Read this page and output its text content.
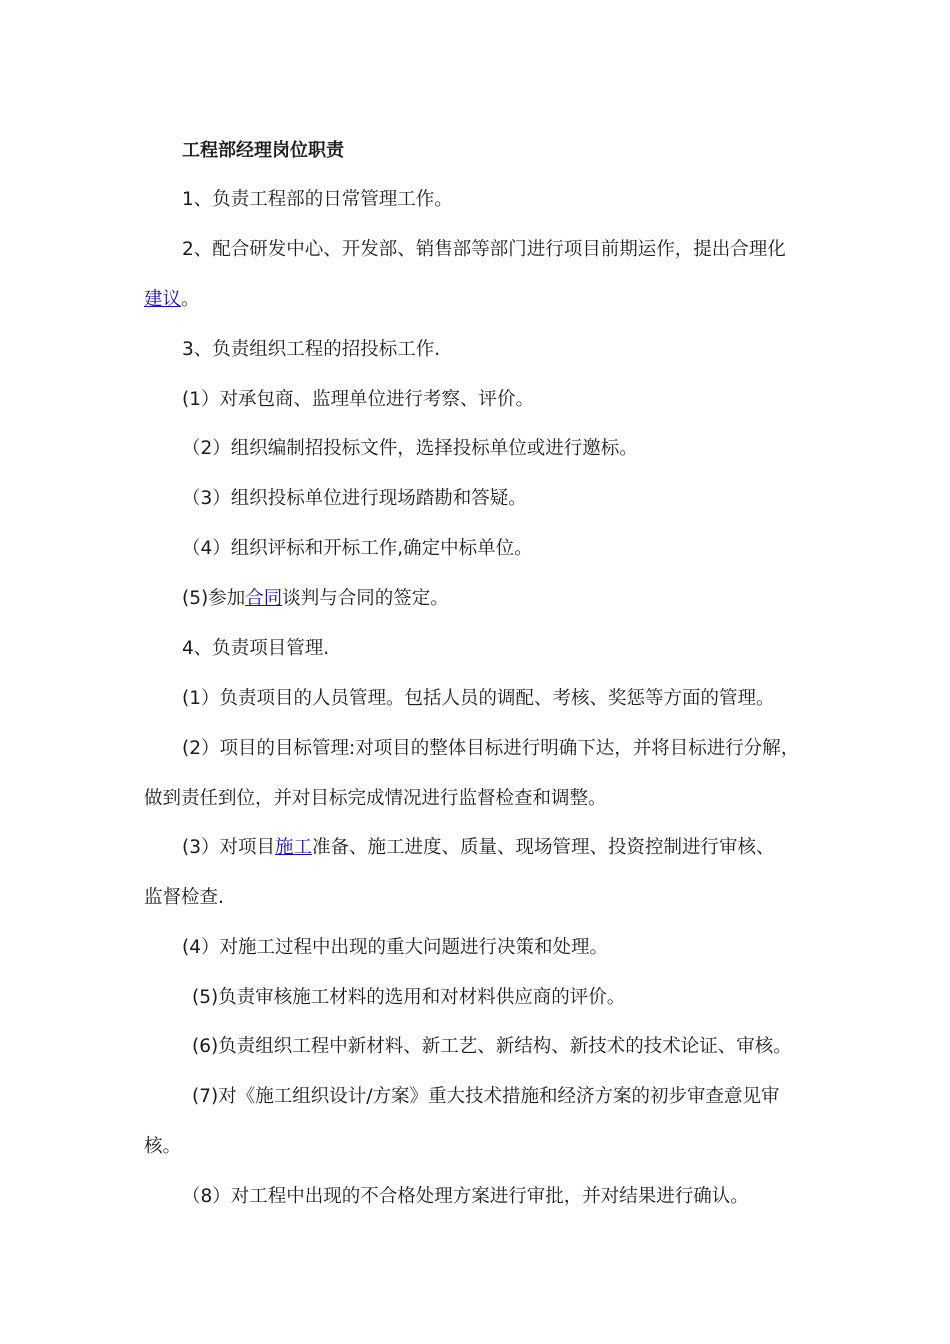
工程部经理岗位职责
1、负责工程部的日常管理工作。
2、配合研发中心、开发部、销售部等部门进行项目前期运作，提出合理化
建议。
3、负责组织工程的招投标工作.
(1）对承包商、监理单位进行考察、评价。
（2）组织编制招投标文件，选择投标单位或进行邀标。
（3）组织投标单位进行现场踏勘和答疑。
（4）组织评标和开标工作,确定中标单位。
(5)参加合同谈判与合同的签定。
4、负责项目管理.
(1）负责项目的人员管理。包括人员的调配、考核、奖惩等方面的管理。
(2）项目的目标管理:对项目的整体目标进行明确下达，并将目标进行分解，
做到责任到位，并对目标完成情况进行监督检查和调整。
(3）对项目施工准备、施工进度、质量、现场管理、投资控制进行审核、
监督检查.
(4）对施工过程中出现的重大问题进行决策和处理。
(5)负责审核施工材料的选用和对材料供应商的评价。
(6)负责组织工程中新材料、新工艺、新结构、新技术的技术论证、审核。
(7)对《施工组织设计/方案》重大技术措施和经济方案的初步审查意见审
核。
（8）对工程中出现的不合格处理方案进行审批，并对结果进行确认。
